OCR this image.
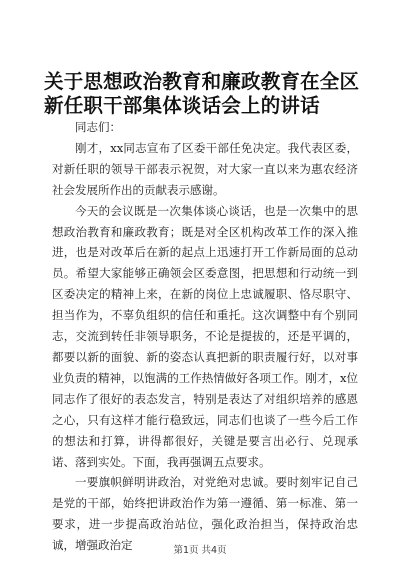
关于思想政治教育和廉政教育在全区新任职干部集体谈话会上的讲话

同志们：

刚才，xx同志宣布了区委干部任免决定。我代表区委，对新任职的领导干部表示祝贺，对大家一直以来为惠农经济社会发展所作出的贡献表示感谢。

今天的会议既是一次集体谈心谈话，也是一次集中的思想政治教育和廉政教育；既是对全区机构改革工作的深入推进，也是对改革后在新的起点上迅速打开工作新局面的总动员。希望大家能够正确领会区委意图，把思想和行动统一到区委决定的精神上来，在新的岗位上忠诚履职、恪尽职守、担当作为，不辜负组织的信任和重托。这次调整中有个别同志，交流到转任非领导职务，不论是提拔的，还是平调的，都要以新的面貌、新的姿态认真把新的职责履行好，以对事业负责的精神，以饱满的工作热情做好各项工作。刚才，x位同志作了很好的表态发言，特别是表达了对组织培养的感恩之心，只有这样才能行稳致远，同志们也谈了一些今后工作的想法和打算，讲得都很好，关键是要言出必行、兑现承诺、落到实处。下面，我再强调五点要求。

一要旗帜鲜明讲政治，对党绝对忠诚。要时刻牢记自己是党的干部，始终把讲政治作为第一遵循、第一标准、第一要求，进一步提高政治站位，强化政治担当，保持政治忠诚，增强政治定	第1页 共4页
